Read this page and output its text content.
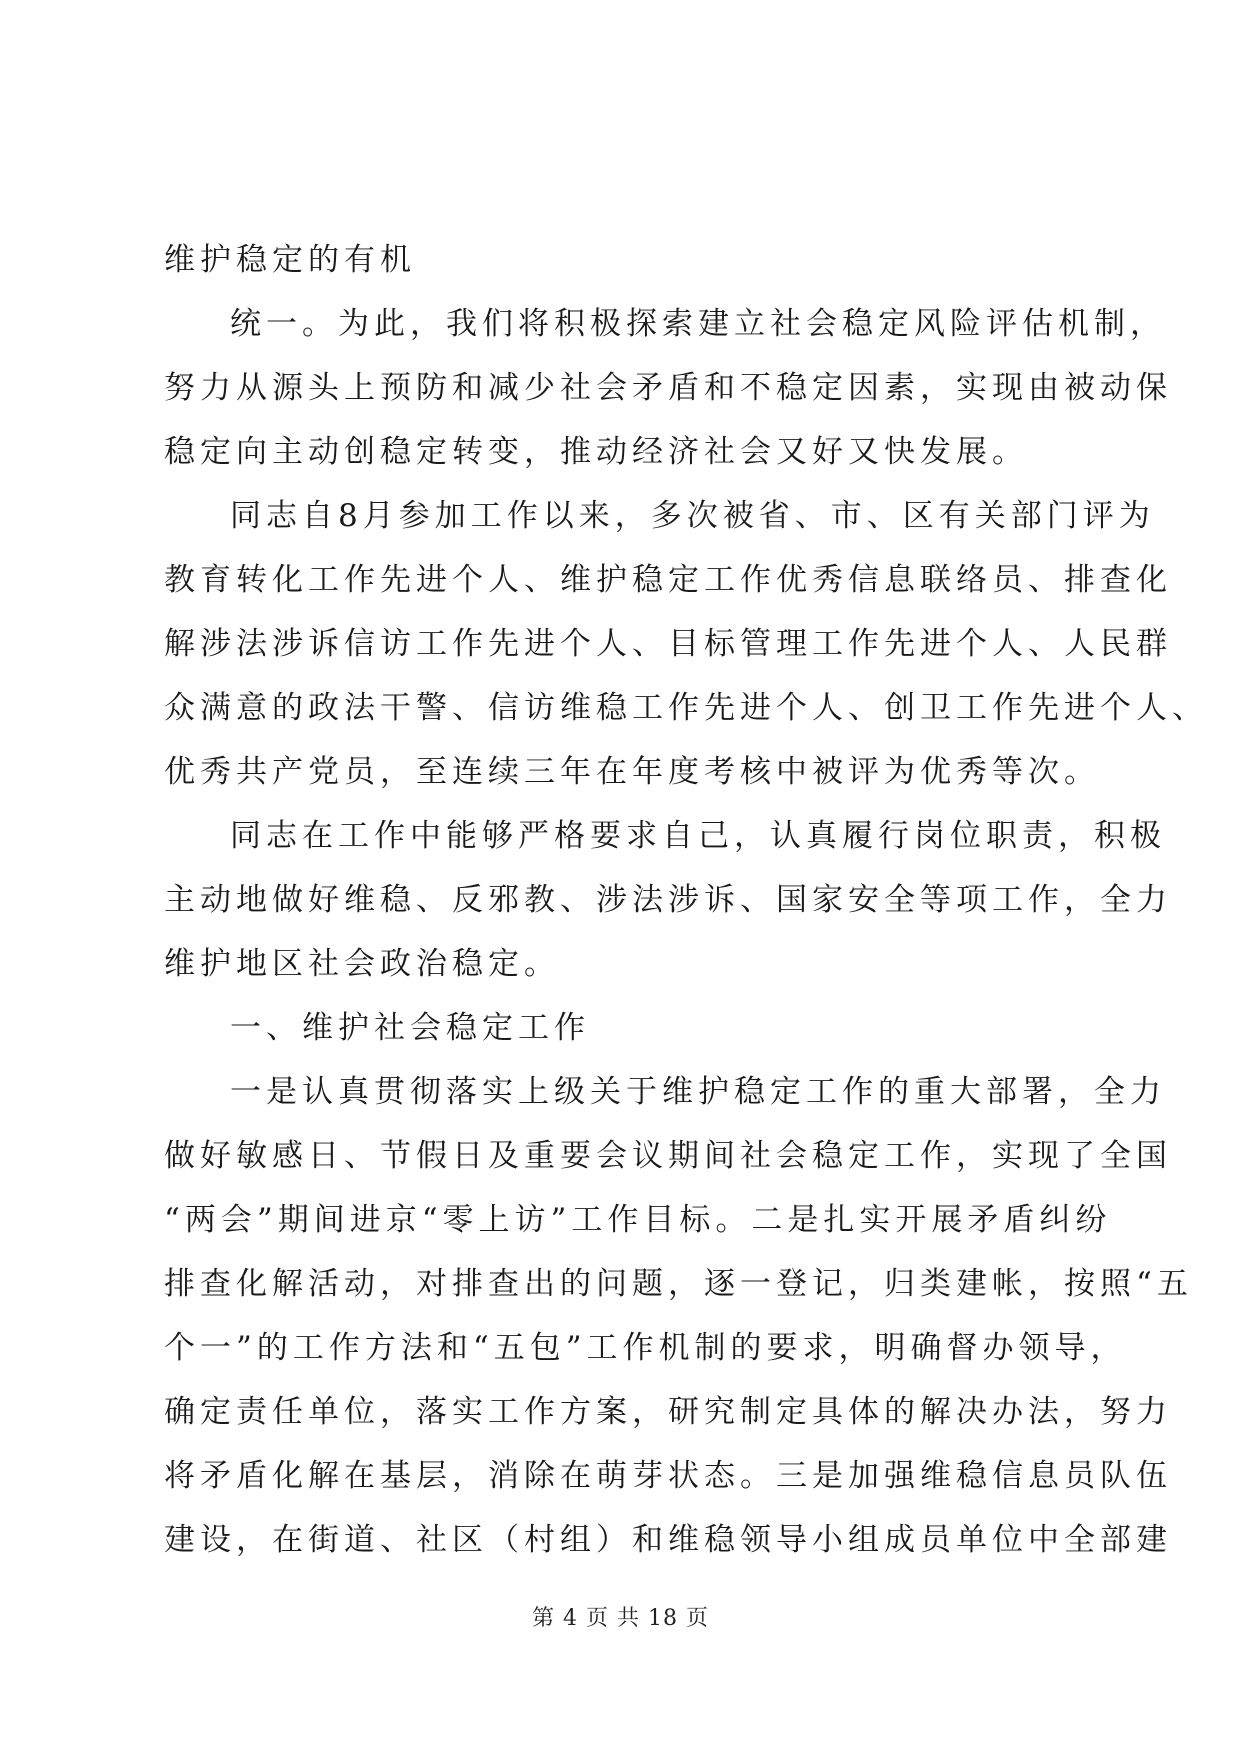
维护稳定的有机
统一。为此，我们将积极探索建立社会稳定风险评估机制，
努力从源头上预防和减少社会矛盾和不稳定因素，实现由被动保
稳定向主动创稳定转变，推动经济社会又好又快发展。
同志自8月参加工作以来，多次被省、市、区有关部门评为
教育转化工作先进个人、维护稳定工作优秀信息联络员、排查化
解涉法涉诉信访工作先进个人、目标管理工作先进个人、人民群
众满意的政法干警、信访维稳工作先进个人、创卫工作先进个人、
优秀共产党员，至连续三年在年度考核中被评为优秀等次。
同志在工作中能够严格要求自己，认真履行岗位职责，积极
主动地做好维稳、反邪教、涉法涉诉、国家安全等项工作，全力
维护地区社会政治稳定。
一、维护社会稳定工作
一是认真贯彻落实上级关于维护稳定工作的重大部署，全力
做好敏感日、节假日及重要会议期间社会稳定工作，实现了全国
“两会”期间进京“零上访”工作目标。二是扎实开展矛盾纠纷
排查化解活动，对排查出的问题，逐一登记，归类建帐，按照“五
个一”的工作方法和“五包”工作机制的要求，明确督办领导，
确定责任单位，落实工作方案，研究制定具体的解决办法，努力
将矛盾化解在基层，消除在萌芽状态。三是加强维稳信息员队伍
建设，在街道、社区（村组）和维稳领导小组成员单位中全部建
第 4 页 共 18 页
